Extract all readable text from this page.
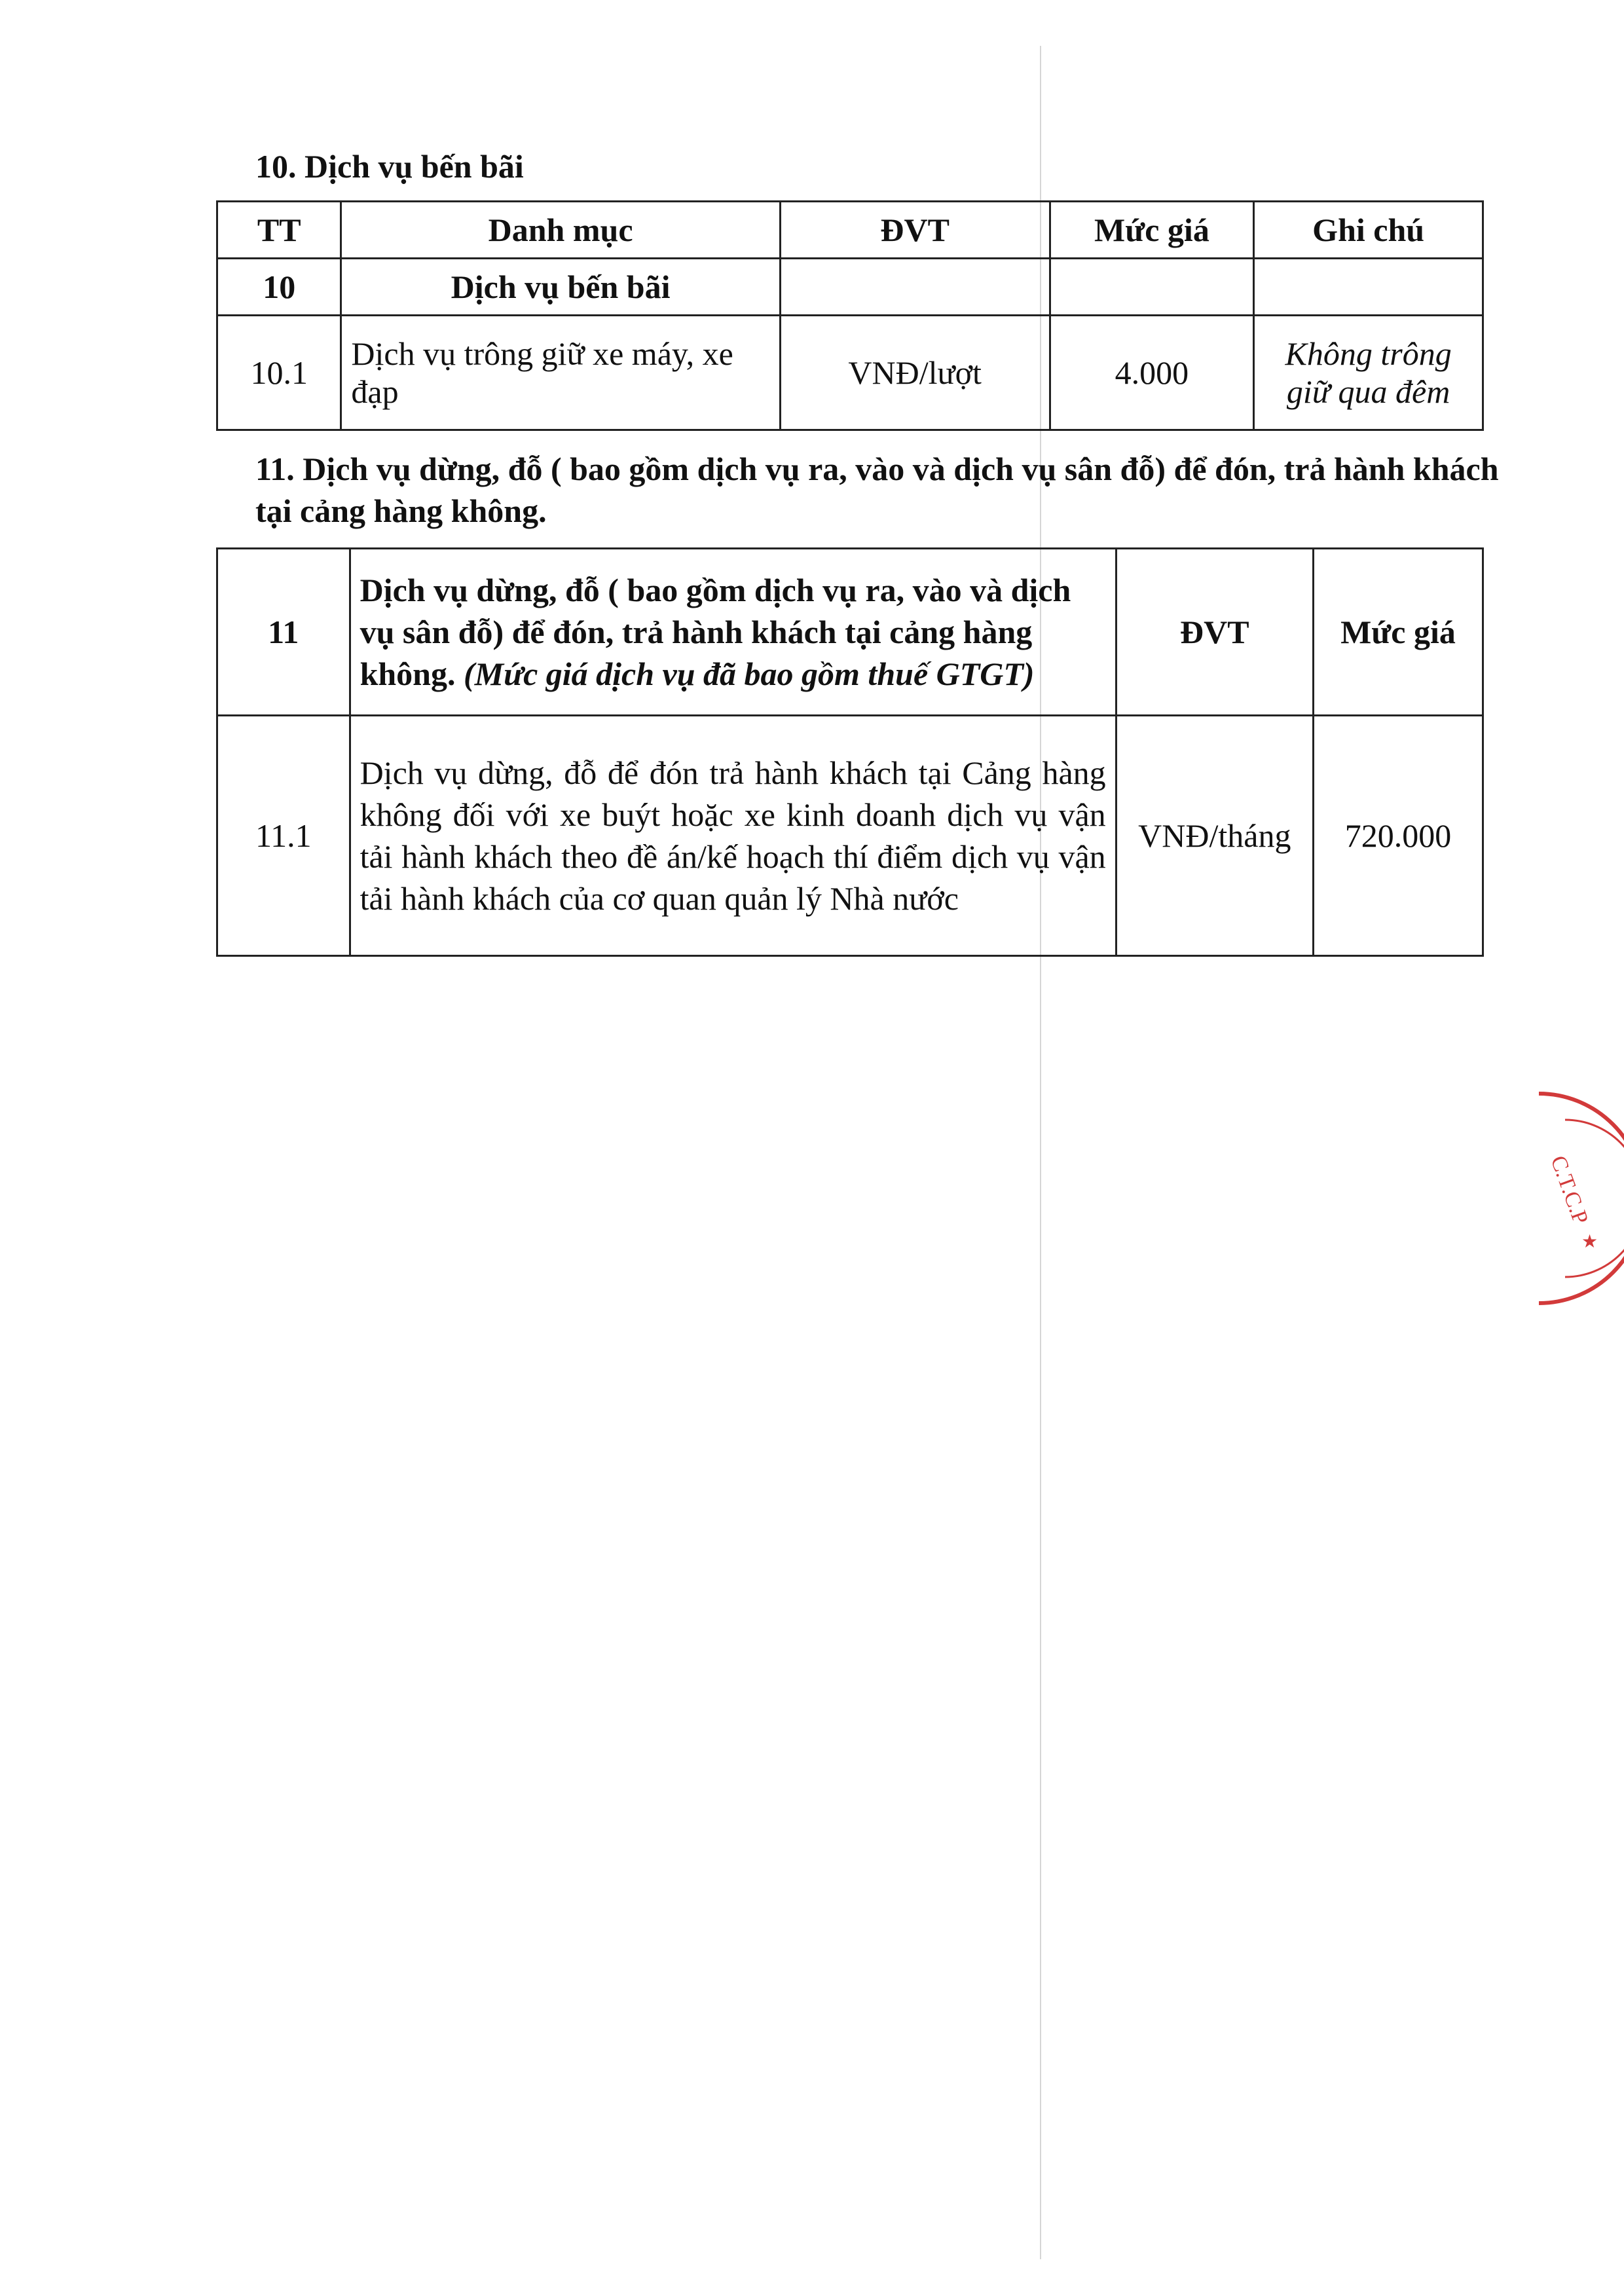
10. Dịch vụ bến bãi
TT	Danh mục	ĐVT	Mức giá	Ghi chú
10	Dịch vụ bến bãi			
10.1	Dịch vụ trông giữ xe máy, xe đạp	VNĐ/lượt	4.000	Không trông giữ qua đêm
11. Dịch vụ dừng, đỗ ( bao gồm dịch vụ ra, vào và dịch vụ sân đỗ) để đón, trả hành khách tại cảng hàng không.
11	Dịch vụ dừng, đỗ ( bao gồm dịch vụ ra, vào và dịch vụ sân đỗ) để đón, trả hành khách tại cảng hàng không. (Mức giá dịch vụ đã bao gồm thuế GTGT)	ĐVT	Mức giá
11.1	Dịch vụ dừng, đỗ để đón trả hành khách tại Cảng hàng không đối với xe buýt hoặc xe kinh doanh dịch vụ vận tải hành khách theo đề án/kế hoạch thí điểm dịch vụ vận tải hành khách của cơ quan quản lý Nhà nước	VNĐ/tháng	720.000
C.T.C.P
★
